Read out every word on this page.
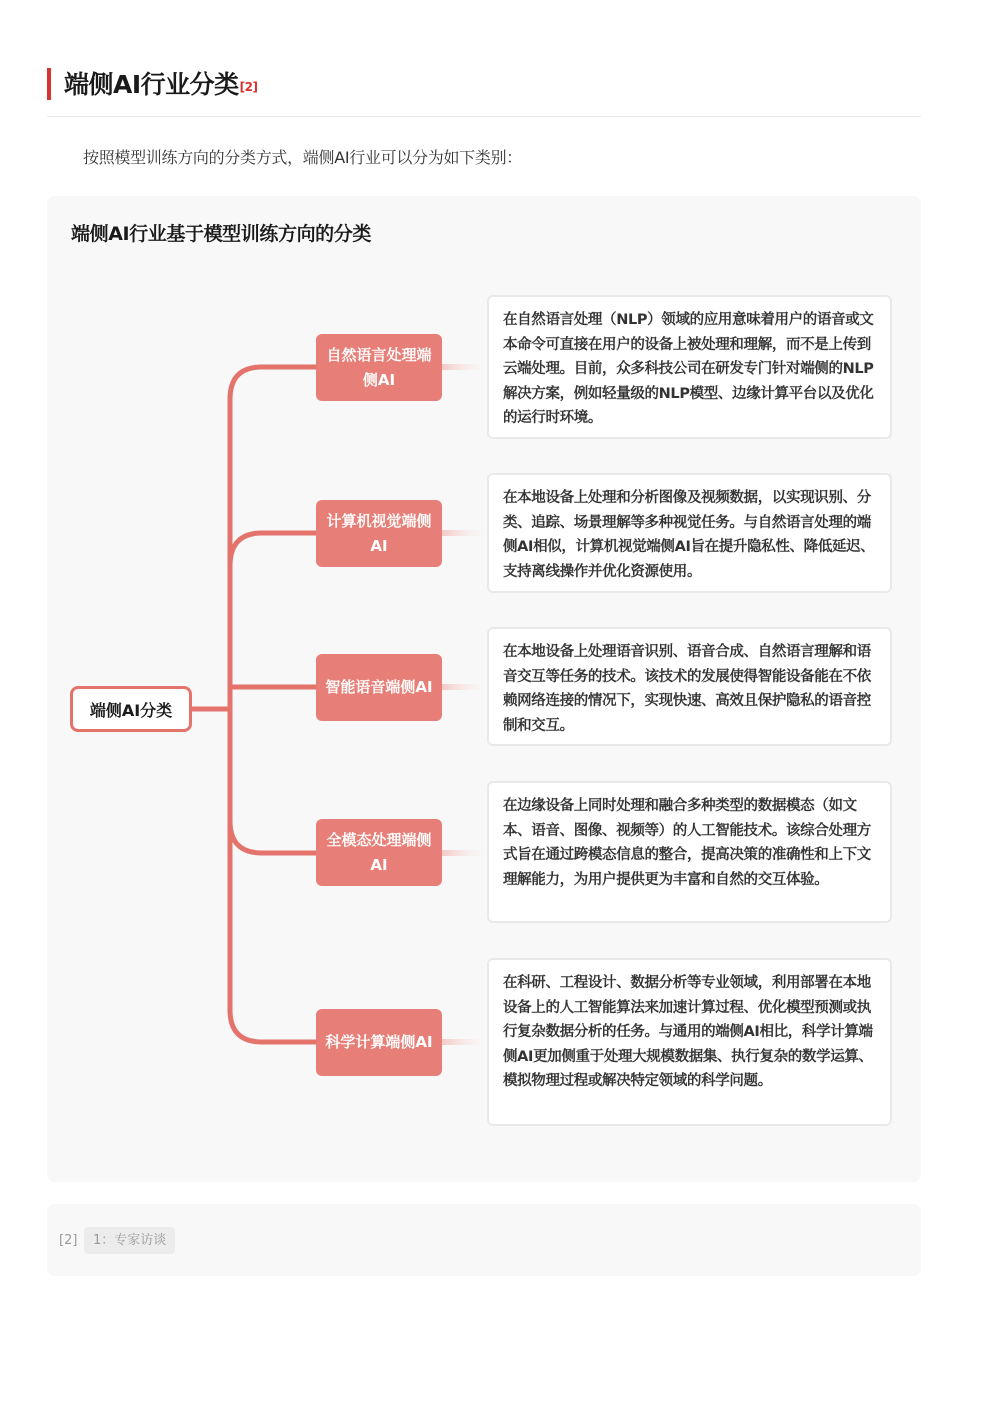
端侧AI行业分类[2]
按照模型训练方向的分类方式，端侧AI行业可以分为如下类别：
端侧AI行业基于模型训练方向的分类
端侧AI分类
自然语言处理端侧AI
计算机视觉端侧AI
智能语音端侧AI
全模态处理端侧AI
科学计算端侧AI
在自然语言处理（NLP）领域的应用意味着用户的语音或文本命令可直接在用户的设备上被处理和理解，而不是上传到云端处理。目前，众多科技公司在研发专门针对端侧的NLP解决方案，例如轻量级的NLP模型、边缘计算平台以及优化的运行时环境。
在本地设备上处理和分析图像及视频数据，以实现识别、分类、追踪、场景理解等多种视觉任务。与自然语言处理的端侧AI相似，计算机视觉端侧AI旨在提升隐私性、降低延迟、支持离线操作并优化资源使用。
在本地设备上处理语音识别、语音合成、自然语言理解和语音交互等任务的技术。该技术的发展使得智能设备能在不依赖网络连接的情况下，实现快速、高效且保护隐私的语音控制和交互。
在边缘设备上同时处理和融合多种类型的数据模态（如文本、语音、图像、视频等）的人工智能技术。该综合处理方式旨在通过跨模态信息的整合，提高决策的准确性和上下文理解能力，为用户提供更为丰富和自然的交互体验。
在科研、工程设计、数据分析等专业领域，利用部署在本地设备上的人工智能算法来加速计算过程、优化模型预测或执行复杂数据分析的任务。与通用的端侧AI相比，科学计算端侧AI更加侧重于处理大规模数据集、执行复杂的数学运算、模拟物理过程或解决特定领域的科学问题。
[2]	1：专家访谈
